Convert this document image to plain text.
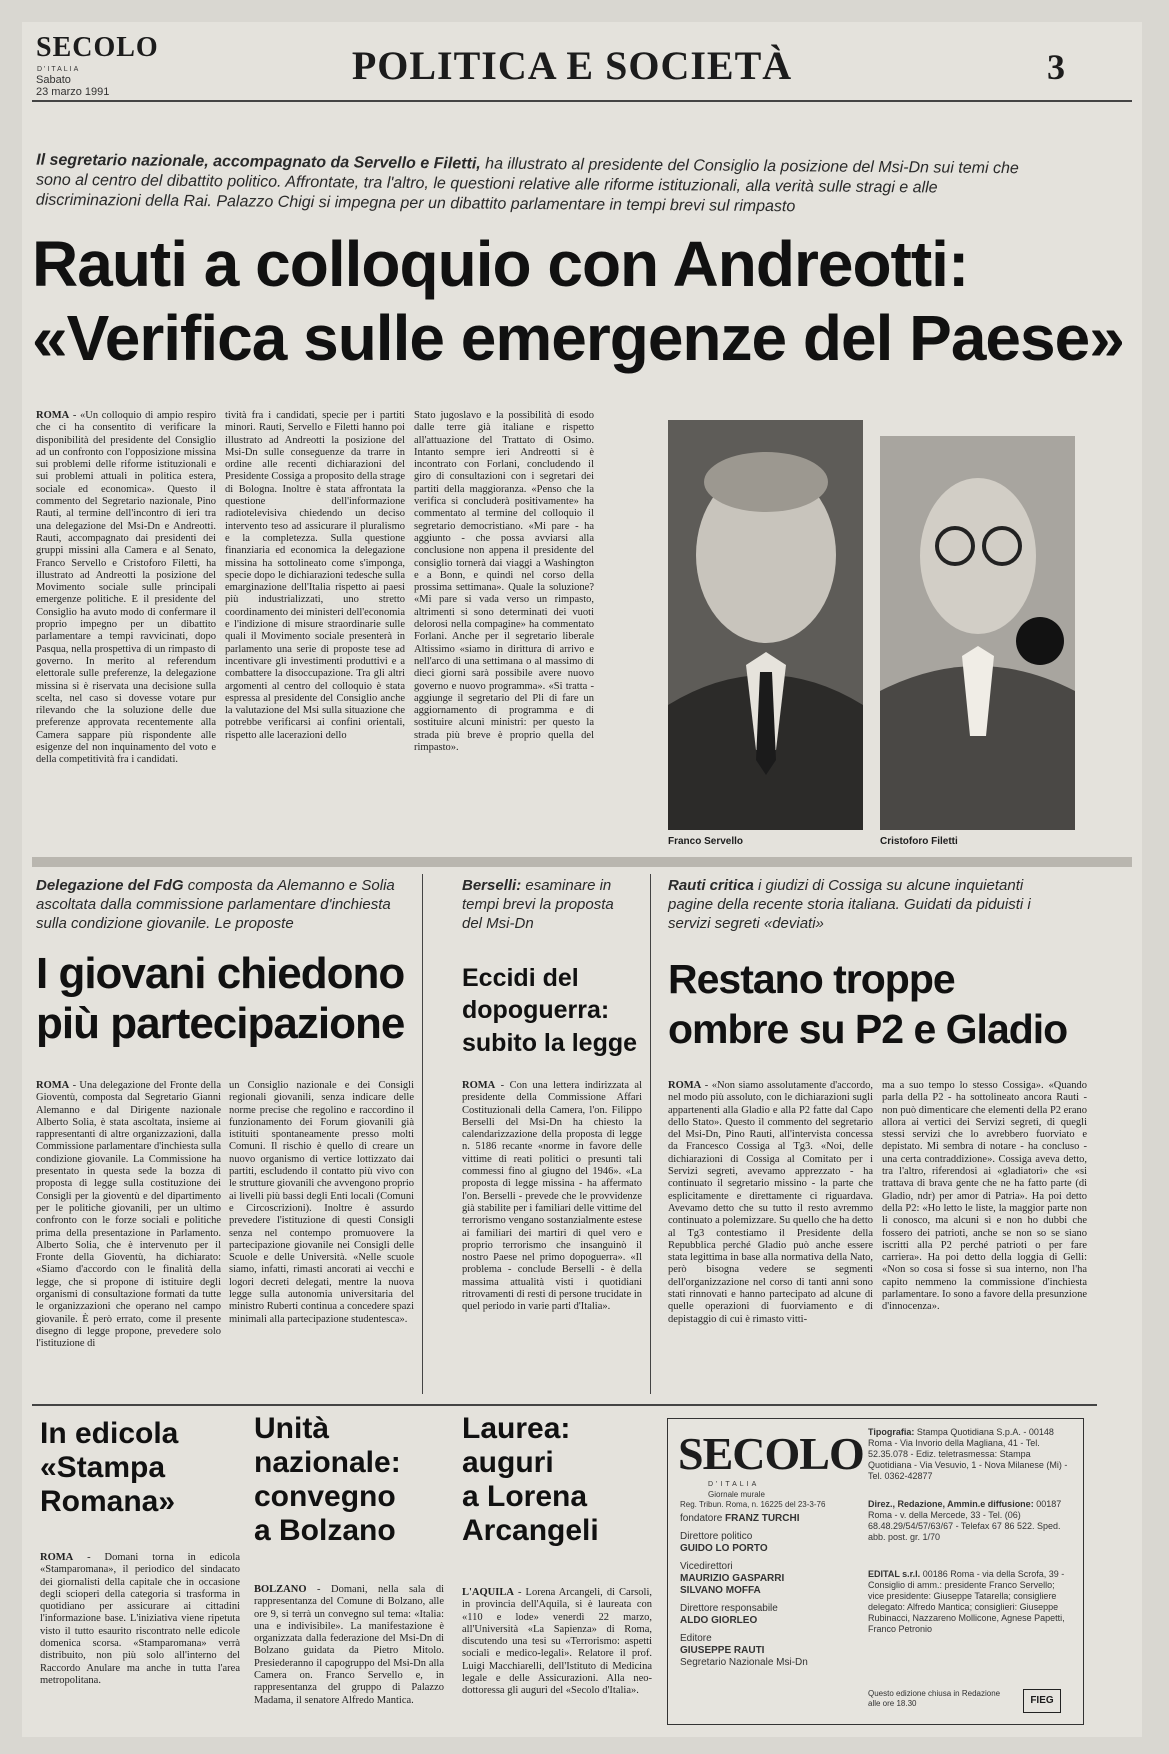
SECOLO
D'ITALIA
Sabato
23 marzo 1991
POLITICA E SOCIETÀ	3
Il segretario nazionale, accompagnato da Servello e Filetti, ha illustrato al presidente del Consiglio la posizione del Msi-Dn sui temi che sono al centro del dibattito politico. Affrontate, tra l'altro, le questioni relative alle riforme istituzionali, alla verità sulle stragi e alle discriminazioni della Rai. Palazzo Chigi si impegna per un dibattito parlamentare in tempi brevi sul rimpasto
Rauti a colloquio con Andreotti:
«Verifica sulle emergenze del Paese»
ROMA - «Un colloquio di ampio respiro che ci ha consentito di verificare la disponibilità del presidente del Consiglio ad un confronto con l'opposizione missina sui problemi delle riforme istituzionali e sui problemi attuali in politica estera, sociale ed economica». Questo il commento del Segretario nazionale, Pino Rauti, al termine dell'incontro di ieri tra una delegazione del Msi-Dn e Andreotti. Rauti, accompagnato dai presidenti dei gruppi missini alla Camera e al Senato, Franco Servello e Cristoforo Filetti, ha illustrato ad Andreotti la posizione del Movimento sociale sulle principali emergenze politiche. E il presidente del Consiglio ha avuto modo di confermare il proprio impegno per un dibattito parlamentare a tempi ravvicinati, dopo Pasqua, nella prospettiva di un rimpasto di governo. In merito al referendum elettorale sulle preferenze, la delegazione missina si è riservata una decisione sulla scelta, nel caso si dovesse votare pur rilevando che la soluzione delle due preferenze approvata recentemente alla Camera sappare più rispondente alle esigenze del non inquinamento del voto e della competitività fra i candidati.
tività fra i candidati, specie per i partiti minori. Rauti, Servello e Filetti hanno poi illustrato ad Andreotti la posizione del Msi-Dn sulle conseguenze da trarre in ordine alle recenti dichiarazioni del Presidente Cossiga a proposito della strage di Bologna. Inoltre è stata affrontata la questione dell'informazione radiotelevisiva chiedendo un deciso intervento teso ad assicurare il pluralismo e la completezza. Sulla questione finanziaria ed economica la delegazione missina ha sottolineato come s'imponga, specie dopo le dichiarazioni tedesche sulla emarginazione dell'Italia rispetto ai paesi più industrializzati, uno stretto coordinamento dei ministeri dell'economia e l'indizione di misure straordinarie sulle quali il Movimento sociale presenterà in parlamento una serie di proposte tese ad incentivare gli investimenti produttivi e a combattere la disoccupazione. Tra gli altri argomenti al centro del colloquio è stata espressa al presidente del Consiglio anche la valutazione del Msi sulla situazione che potrebbe verificarsi ai confini orientali, rispetto alle lacerazioni dello
Stato jugoslavo e la possibilità di esodo dalle terre già italiane e rispetto all'attuazione del Trattato di Osimo. Intanto sempre ieri Andreotti si è incontrato con Forlani, concludendo il giro di consultazioni con i segretari dei partiti della maggioranza. «Penso che la verifica si concluderà positivamente» ha commentato al termine del colloquio il segretario democristiano. «Mi pare - ha aggiunto - che possa avviarsi alla conclusione non appena il presidente del consiglio tornerà dai viaggi a Washington e a Bonn, e quindi nel corso della prossima settimana». Quale la soluzione? «Mi pare si vada verso un rimpasto, altrimenti si sono determinati dei vuoti delorosi nella compagine» ha commentato Forlani. Anche per il segretario liberale Altissimo «siamo in dirittura di arrivo e nell'arco di una settimana o al massimo di dieci giorni sarà possibile avere nuovo governo e nuovo programma». «Si tratta - aggiunge il segretario del Pli di fare un aggiornamento di programma e di sostituire alcuni ministri: per questo la strada più breve è proprio quella del rimpasto».
Franco Servello	Cristoforo Filetti
Delegazione del FdG composta da Alemanno e Solia ascoltata dalla commissione parlamentare d'inchiesta sulla condizione giovanile. Le proposte
I giovani chiedono
più partecipazione
ROMA - Una delegazione del Fronte della Gioventù, composta dal Segretario Gianni Alemanno e dal Dirigente nazionale Alberto Solia, è stata ascoltata, insieme ai rappresentanti di altre organizzazioni, dalla Commissione parlamentare d'inchiesta sulla condizione giovanile. La Commissione ha presentato in questa sede la bozza di proposta di legge sulla costituzione dei Consigli per la gioventù e del dipartimento per le politiche giovanili, per un ultimo confronto con le forze sociali e politiche prima della presentazione in Parlamento. Alberto Solia, che è intervenuto per il Fronte della Gioventù, ha dichiarato: «Siamo d'accordo con le finalità della legge, che si propone di istituire degli organismi di consultazione formati da tutte le organizzazioni che operano nel campo giovanile. È però errato, come il presente disegno di legge propone, prevedere solo l'istituzione di
un Consiglio nazionale e dei Consigli regionali giovanili, senza indicare delle norme precise che regolino e raccordino il funzionamento dei Forum giovanili già istituiti spontaneamente presso molti Comuni. Il rischio è quello di creare un nuovo organismo di vertice lottizzato dai partiti, escludendo il contatto più vivo con le strutture giovanili che avvengono proprio ai livelli più bassi degli Enti locali (Comuni e Circoscrizioni). Inoltre è assurdo prevedere l'istituzione di questi Consigli senza nel contempo promuovere la partecipazione giovanile nei Consigli delle Scuole e delle Università. «Nelle scuole siamo, infatti, rimasti ancorati ai vecchi e logori decreti delegati, mentre la nuova legge sulla autonomia universitaria del ministro Ruberti continua a concedere spazi minimali alla partecipazione studentesca».
Berselli: esaminare in tempi brevi la proposta del Msi-Dn
Eccidi del
dopoguerra:
subito la legge
ROMA - Con una lettera indirizzata al presidente della Commissione Affari Costituzionali della Camera, l'on. Filippo Berselli del Msi-Dn ha chiesto la calendarizzazione della proposta di legge n. 5186 recante «norme in favore delle vittime di reati politici o presunti tali commessi fino al giugno del 1946». «La proposta di legge missina - ha affermato l'on. Berselli - prevede che le provvidenze già stabilite per i familiari delle vittime del terrorismo vengano sostanzialmente estese ai familiari dei martiri di quel vero e proprio terrorismo che insanguinò il nostro Paese nel primo dopoguerra». «Il problema - conclude Berselli - è della massima attualità visti i quotidiani ritrovamenti di resti di persone trucidate in quel periodo in varie parti d'Italia».
Rauti critica i giudizi di Cossiga su alcune inquietanti pagine della recente storia italiana. Guidati da piduisti i servizi segreti «deviati»
Restano troppe
ombre su P2 e Gladio
ROMA - «Non siamo assolutamente d'accordo, nel modo più assoluto, con le dichiarazioni sugli appartenenti alla Gladio e alla P2 fatte dal Capo dello Stato». Questo il commento del segretario del Msi-Dn, Pino Rauti, all'intervista concessa da Francesco Cossiga al Tg3. «Noi, delle dichiarazioni di Cossiga al Comitato per i Servizi segreti, avevamo apprezzato - ha continuato il segretario missino - la parte che esplicitamente e direttamente ci riguardava. Avevamo detto che su tutto il resto avremmo continuato a polemizzare. Su quello che ha detto al Tg3 contestiamo il Presidente della Repubblica perché Gladio può anche essere stata legittima in base alla normativa della Nato, però bisogna vedere se segmenti dell'organizzazione nel corso di tanti anni sono stati rinnovati e hanno partecipato ad alcune di quelle operazioni di fuorviamento e di depistaggio di cui è rimasto vitti-
ma a suo tempo lo stesso Cossiga». «Quando parla della P2 - ha sottolineato ancora Rauti - non può dimenticare che elementi della P2 erano allora ai vertici dei Servizi segreti, di quegli stessi servizi che lo avrebbero fuorviato e depistato. Mi sembra di notare - ha concluso - una certa contraddizione». Cossiga aveva detto, tra l'altro, riferendosi ai «gladiatori» che «si trattava di brava gente che ne ha fatto parte (di Gladio, ndr) per amor di Patria». Ha poi detto della P2: «Ho letto le liste, la maggior parte non li conosco, ma alcuni sì e non ho dubbi che fossero dei patrioti, anche se non so se siano iscritti alla P2 perché patrioti o per fare carriera». Ha poi detto della loggia di Gelli: «Non so cosa si fosse sì sua interno, non l'ha capito nemmeno la commissione d'inchiesta parlamentare. Io sono a favore della presunzione d'innocenza».
In edicola
«Stampa
Romana»
ROMA - Domani torna in edicola «Stamparomana», il periodico del sindacato dei giornalisti della capitale che in occasione degli scioperi della categoria si trasforma in quotidiano per assicurare ai cittadini l'informazione base. L'iniziativa viene ripetuta visto il tutto esaurito riscontrato nelle edicole domenica scorsa. «Stamparomana» verrà distribuito, non più solo all'interno del Raccordo Anulare ma anche in tutta l'area metropolitana.
Unità
nazionale:
convegno
a Bolzano
BOLZANO - Domani, nella sala di rappresentanza del Comune di Bolzano, alle ore 9, si terrà un convegno sul tema: «Italia: una e indivisibile». La manifestazione è organizzata dalla federazione del Msi-Dn di Bolzano guidata da Pietro Mitolo. Presiederanno il capogruppo del Msi-Dn alla Camera on. Franco Servello e, in rappresentanza del gruppo di Palazzo Madama, il senatore Alfredo Mantica.
Laurea:
auguri
a Lorena
Arcangeli
L'AQUILA - Lorena Arcangeli, di Carsoli, in provincia dell'Aquila, si è laureata con «110 e lode» venerdì 22 marzo, all'Università «La Sapienza» di Roma, discutendo una tesi su «Terrorismo: aspetti sociali e medico-legali». Relatore il prof. Luigi Macchiarelli, dell'Istituto di Medicina legale e delle Assicurazioni. Alla neo-dottoressa gli auguri del «Secolo d'Italia».
SECOLO
D'ITALIA
Giornale murale
Reg. Tribun. Roma, n. 16225 del 23-3-76
fondatore FRANZ TURCHI
Direttore politico
GUIDO LO PORTO
Vicedirettori
MAURIZIO GASPARRI
SILVANO MOFFA
Direttore responsabile
ALDO GIORLEO
Editore
GIUSEPPE RAUTI
Segretario Nazionale Msi-Dn
Tipografia: Stampa Quotidiana S.p.A. - 00148 Roma - Via Invorio della Magliana, 41 - Tel. 52.35.078 - Ediz. teletrasmessa: Stampa Quotidiana - Via Vesuvio, 1 - Nova Milanese (Mi) - Tel. 0362-42877
Direz., Redazione, Ammin.e diffusione: 00187 Roma - v. della Mercede, 33 - Tel. (06) 68.48.29/54/57/63/67 - Telefax 67 86 522. Sped. abb. post. gr. 1/70
EDITAL s.r.l. 00186 Roma - via della Scrofa, 39 - Consiglio di amm.: presidente Franco Servello; vice presidente: Giuseppe Tatarella; consigliere delegato: Alfredo Mantica; consiglieri: Giuseppe Rubinacci, Nazzareno Mollicone, Agnese Papetti, Franco Petronio
Questo edizione chiusa in Redazione alle ore 18.30	FIEG
